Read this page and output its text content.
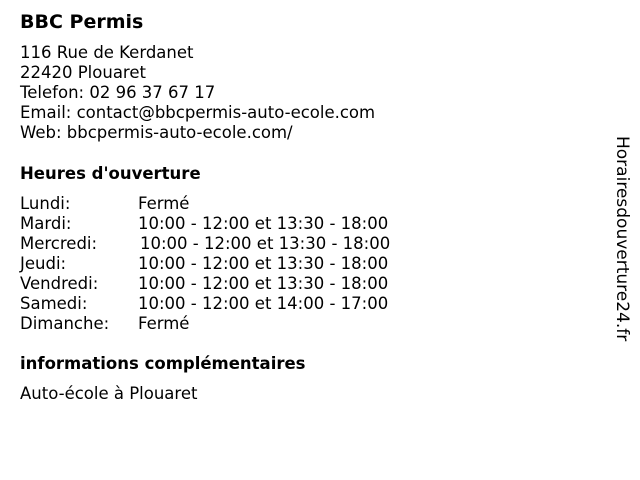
BBC Permis
116 Rue de Kerdanet
22420 Plouaret
Telefon: 02 96 37 67 17
Email: contact@bbcpermis-auto-ecole.com
Web: bbcpermis-auto-ecole.com/
Heures d'ouverture
Lundi:	Fermé
Mardi:	10:00 - 12:00 et 13:30 - 18:00
Mercredi:	10:00 - 12:00 et 13:30 - 18:00
Jeudi:	10:00 - 12:00 et 13:30 - 18:00
Vendredi: 10:00 - 12:00 et 13:30 - 18:00
Samedi:	10:00 - 12:00 et 14:00 - 17:00
Dimanche: Fermé
informations complémentaires
Auto-école à Plouaret
Horairesdouverture24.fr
